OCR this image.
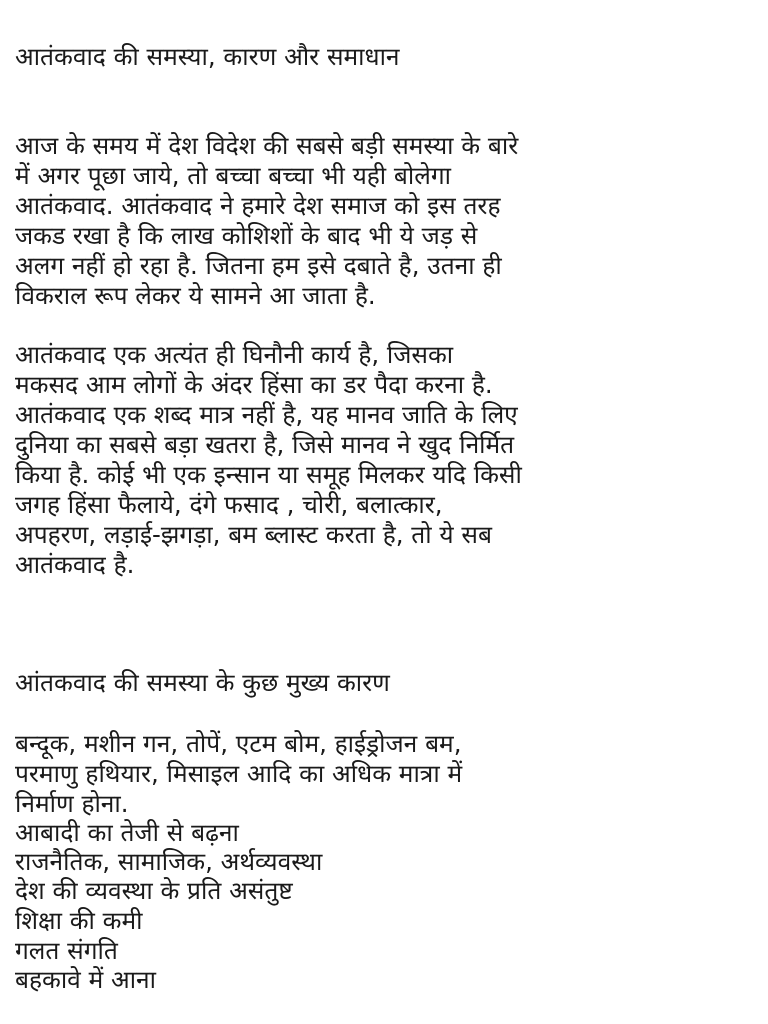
आतंकवाद की समस्या, कारण और समाधान
आज के समय में देश विदेश की सबसे बड़ी समस्या के बारे
में अगर पूछा जाये, तो बच्चा बच्चा भी यही बोलेगा
आतंकवाद. आतंकवाद ने हमारे देश समाज को इस तरह
जकड रखा है कि लाख कोशिशों के बाद भी ये जड़ से
अलग नहीं हो रहा है. जितना हम इसे दबाते है, उतना ही
विकराल रूप लेकर ये सामने आ जाता है.
आतंकवाद एक अत्यंत ही घिनौनी कार्य है, जिसका
मकसद आम लोगों के अंदर हिंसा का डर पैदा करना है.
आतंकवाद एक शब्द मात्र नहीं है, यह मानव जाति के लिए
दुनिया का सबसे बड़ा खतरा है, जिसे मानव ने खुद निर्मित
किया है. कोई भी एक इन्सान या समूह मिलकर यदि किसी
जगह हिंसा फैलाये, दंगे फसाद , चोरी, बलात्कार,
अपहरण, लड़ाई-झगड़ा, बम ब्लास्ट करता है, तो ये सब
आतंकवाद है.
आंतकवाद की समस्या के कुछ मुख्य कारण
बन्दूक, मशीन गन, तोपें, एटम बोम, हाईड्रोजन बम,
परमाणु हथियार, मिसाइल आदि का अधिक मात्रा में
निर्माण होना.
आबादी का तेजी से बढ़ना
राजनैतिक, सामाजिक, अर्थव्यवस्था
देश की व्यवस्था के प्रति असंतुष्ट
शिक्षा की कमी
गलत संगति
बहकावे में आना
